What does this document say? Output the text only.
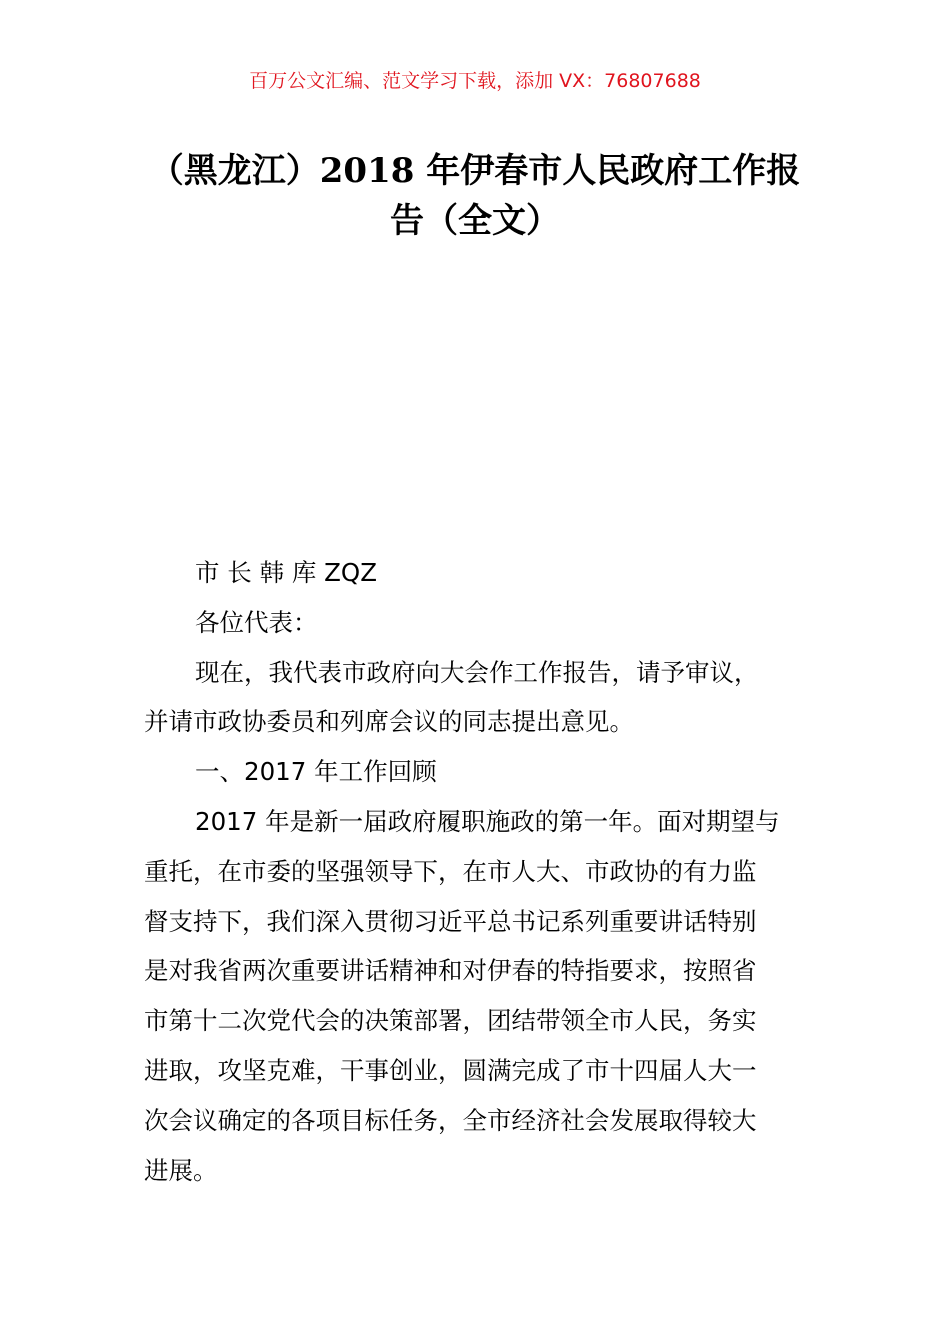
百万公文汇编、范文学习下载，添加 VX：76807688
（黑龙江）2018 年伊春市人民政府工作报
告（全文）
市 长 韩 库 ZQZ
各位代表：
现在，我代表市政府向大会作工作报告，请予审议，
并请市政协委员和列席会议的同志提出意见。
一、2017 年工作回顾
2017 年是新一届政府履职施政的第一年。面对期望与
重托，在市委的坚强领导下，在市人大、市政协的有力监
督支持下，我们深入贯彻习近平总书记系列重要讲话特别
是对我省两次重要讲话精神和对伊春的特指要求，按照省
市第十二次党代会的决策部署，团结带领全市人民，务实
进取，攻坚克难，干事创业，圆满完成了市十四届人大一
次会议确定的各项目标任务，全市经济社会发展取得较大
进展。
